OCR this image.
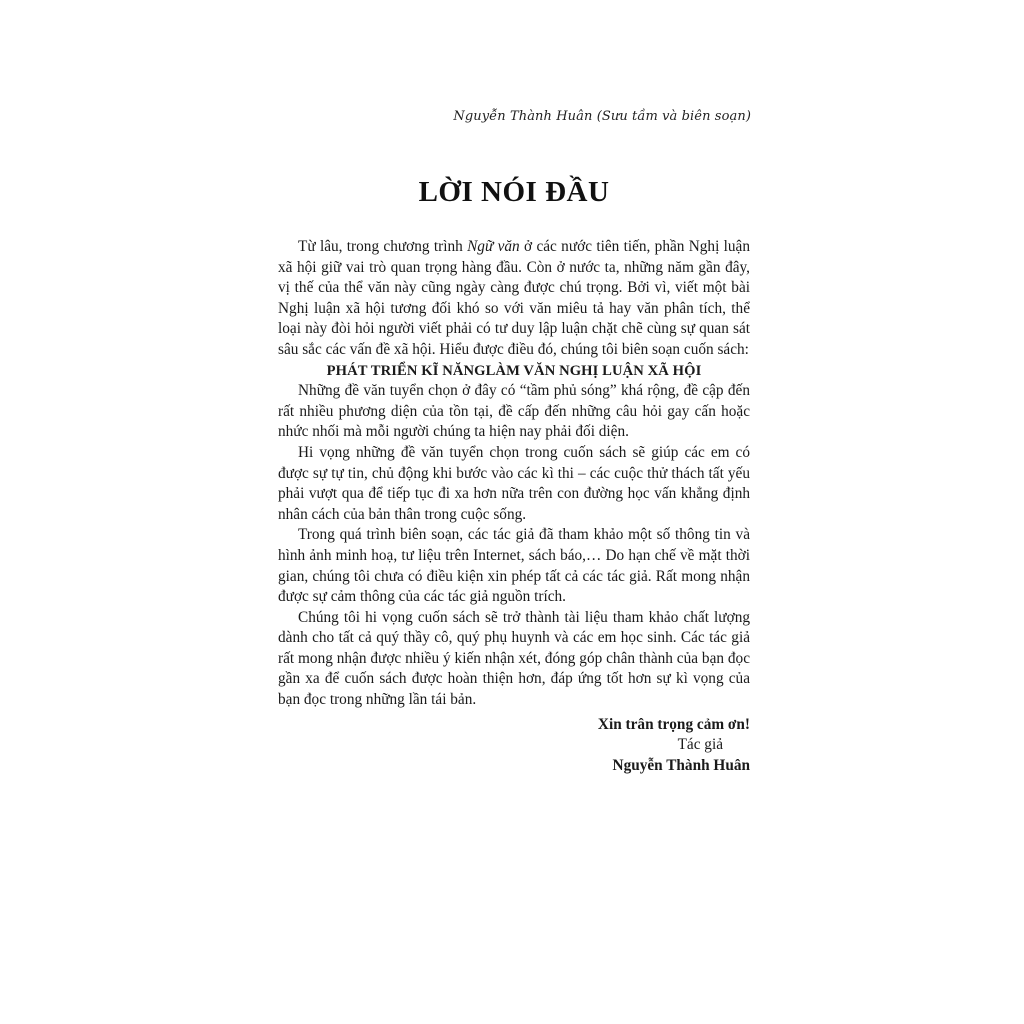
Nguyễn Thành Huân (Sưu tầm và biên soạn)
LỜI NÓI ĐẦU

Từ lâu, trong chương trình Ngữ văn ở các nước tiên tiến, phần Nghị luận xã hội giữ vai trò quan trọng hàng đầu. Còn ở nước ta, những năm gần đây, vị thế của thể văn này cũng ngày càng được chú trọng. Bởi vì, viết một bài Nghị luận xã hội tương đối khó so với văn miêu tả hay văn phân tích, thể loại này đòi hỏi người viết phải có tư duy lập luận chặt chẽ cùng sự quan sát sâu sắc các vấn đề xã hội. Hiểu được điều đó, chúng tôi biên soạn cuốn sách:

PHÁT TRIỂN KĨ NĂNGLÀM VĂN NGHỊ LUẬN XÃ HỘI

Những đề văn tuyển chọn ở đây có “tầm phủ sóng” khá rộng, đề cập đến rất nhiều phương diện của tồn tại, đề cấp đến những câu hỏi gay cấn hoặc nhức nhối mà mỗi người chúng ta hiện nay phải đối diện.

Hi vọng những đề văn tuyển chọn trong cuốn sách sẽ giúp các em có được sự tự tin, chủ động khi bước vào các kì thi – các cuộc thử thách tất yếu phải vượt qua để tiếp tục đi xa hơn nữa trên con đường học vấn khẳng định nhân cách của bản thân trong cuộc sống.

Trong quá trình biên soạn, các tác giả đã tham khảo một số thông tin và hình ảnh minh hoạ, tư liệu trên Internet, sách báo,… Do hạn chế về mặt thời gian, chúng tôi chưa có điều kiện xin phép tất cả các tác giả. Rất mong nhận được sự cảm thông của các tác giả nguồn trích.

Chúng tôi hi vọng cuốn sách sẽ trở thành tài liệu tham khảo chất lượng dành cho tất cả quý thầy cô, quý phụ huynh và các em học sinh. Các tác giả rất mong nhận được nhiều ý kiến nhận xét, đóng góp chân thành của bạn đọc gần xa để cuốn sách được hoàn thiện hơn, đáp ứng tốt hơn sự kì vọng của bạn đọc trong những lần tái bản.

Xin trân trọng cảm ơn!

Tác giả

Nguyễn Thành Huân
